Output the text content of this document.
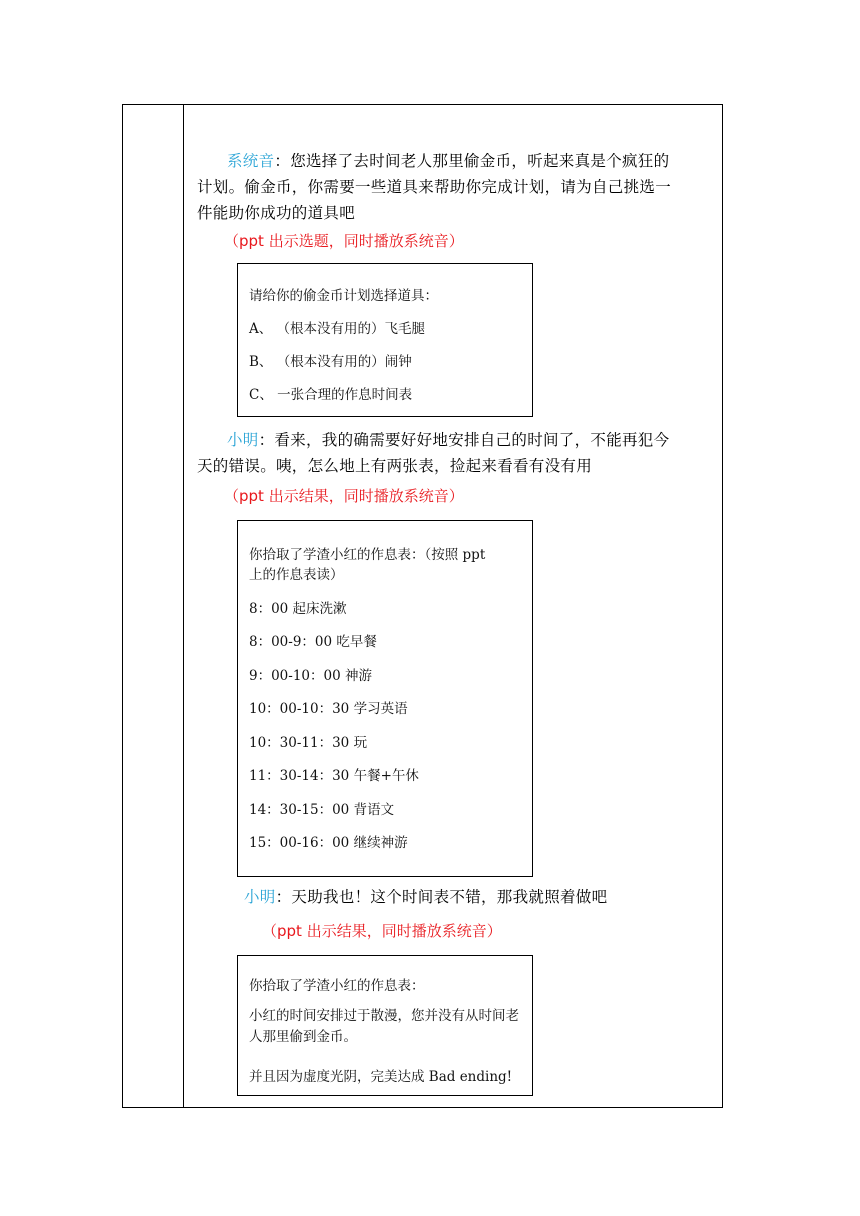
系统音：您选择了去时间老人那里偷金币，听起来真是个疯狂的
计划。偷金币，你需要一些道具来帮助你完成计划，请为自己挑选一
件能助你成功的道具吧
（ppt 出示选题，同时播放系统音）
请给你的偷金币计划选择道具：
A、 （根本没有用的）飞毛腿
B、 （根本没有用的）闹钟
C、 一张合理的作息时间表
小明：看来，我的确需要好好地安排自己的时间了，不能再犯今
天的错误。咦，怎么地上有两张表，捡起来看看有没有用
（ppt 出示结果，同时播放系统音）
你拾取了学渣小红的作息表：（按照 ppt
上的作息表读）
8：00 起床洗漱
8：00-9：00 吃早餐
9：00-10：00 神游
10：00-10：30 学习英语
10：30-11：30 玩
11：30-14：30 午餐+午休
14：30-15：00 背语文
15：00-16：00 继续神游
小明：天助我也！这个时间表不错，那我就照着做吧
（ppt 出示结果，同时播放系统音）
你拾取了学渣小红的作息表：
小红的时间安排过于散漫，您并没有从时间老人那里偷到金币。
并且因为虚度光阴，完美达成 Bad ending!
